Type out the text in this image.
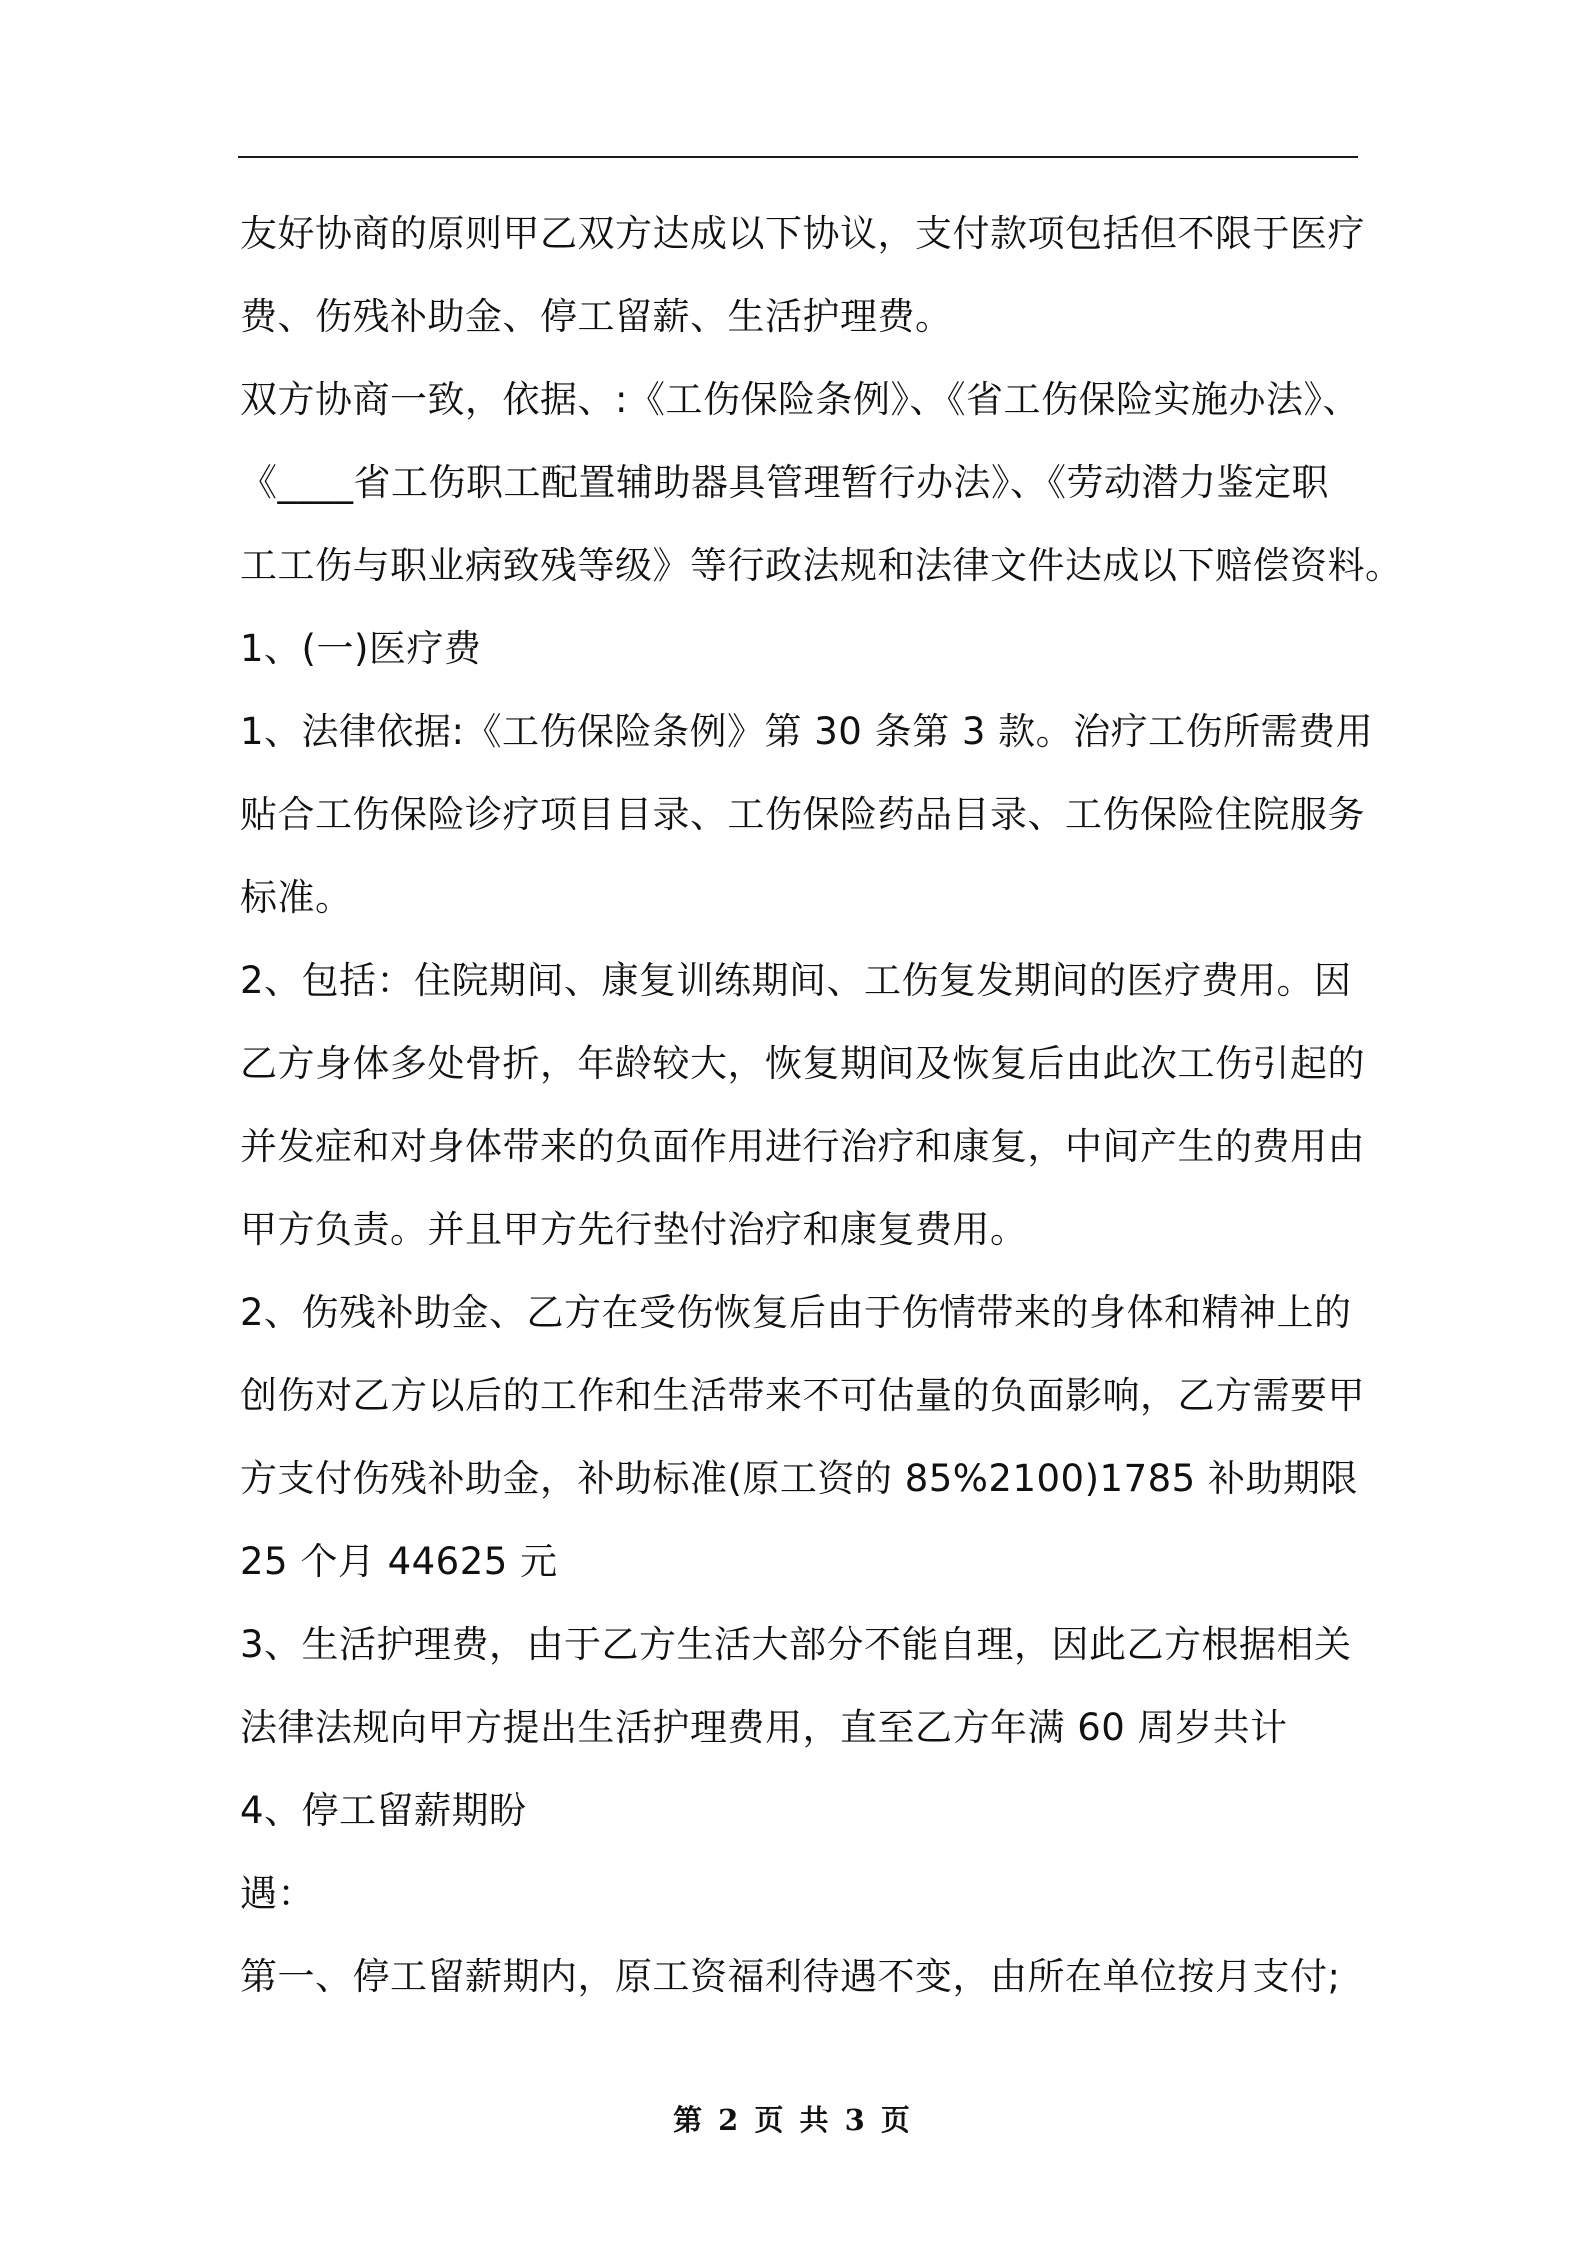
友好协商的原则甲乙双方达成以下协议，支付款项包括但不限于医疗
费、伤残补助金、停工留薪、生活护理费。
双方协商一致，依据、:《工伤保险条例》、《省工伤保险实施办法》、
《____省工伤职工配置辅助器具管理暂行办法》、《劳动潜力鉴定职
工工伤与职业病致残等级》等行政法规和法律文件达成以下赔偿资料。
1、(一)医疗费
1、法律依据:《工伤保险条例》第 30 条第 3 款。治疗工伤所需费用
贴合工伤保险诊疗项目目录、工伤保险药品目录、工伤保险住院服务
标准。
2、包括：住院期间、康复训练期间、工伤复发期间的医疗费用。因
乙方身体多处骨折，年龄较大，恢复期间及恢复后由此次工伤引起的
并发症和对身体带来的负面作用进行治疗和康复，中间产生的费用由
甲方负责。并且甲方先行垫付治疗和康复费用。
2、伤残补助金、乙方在受伤恢复后由于伤情带来的身体和精神上的
创伤对乙方以后的工作和生活带来不可估量的负面影响，乙方需要甲
方支付伤残补助金，补助标准(原工资的 85%2100)1785 补助期限
25 个月 44625 元
3、生活护理费，由于乙方生活大部分不能自理，因此乙方根据相关
法律法规向甲方提出生活护理费用，直至乙方年满 60 周岁共计
4、停工留薪期盼
遇：
第一、停工留薪期内，原工资福利待遇不变，由所在单位按月支付;
第 2 页 共 3 页
